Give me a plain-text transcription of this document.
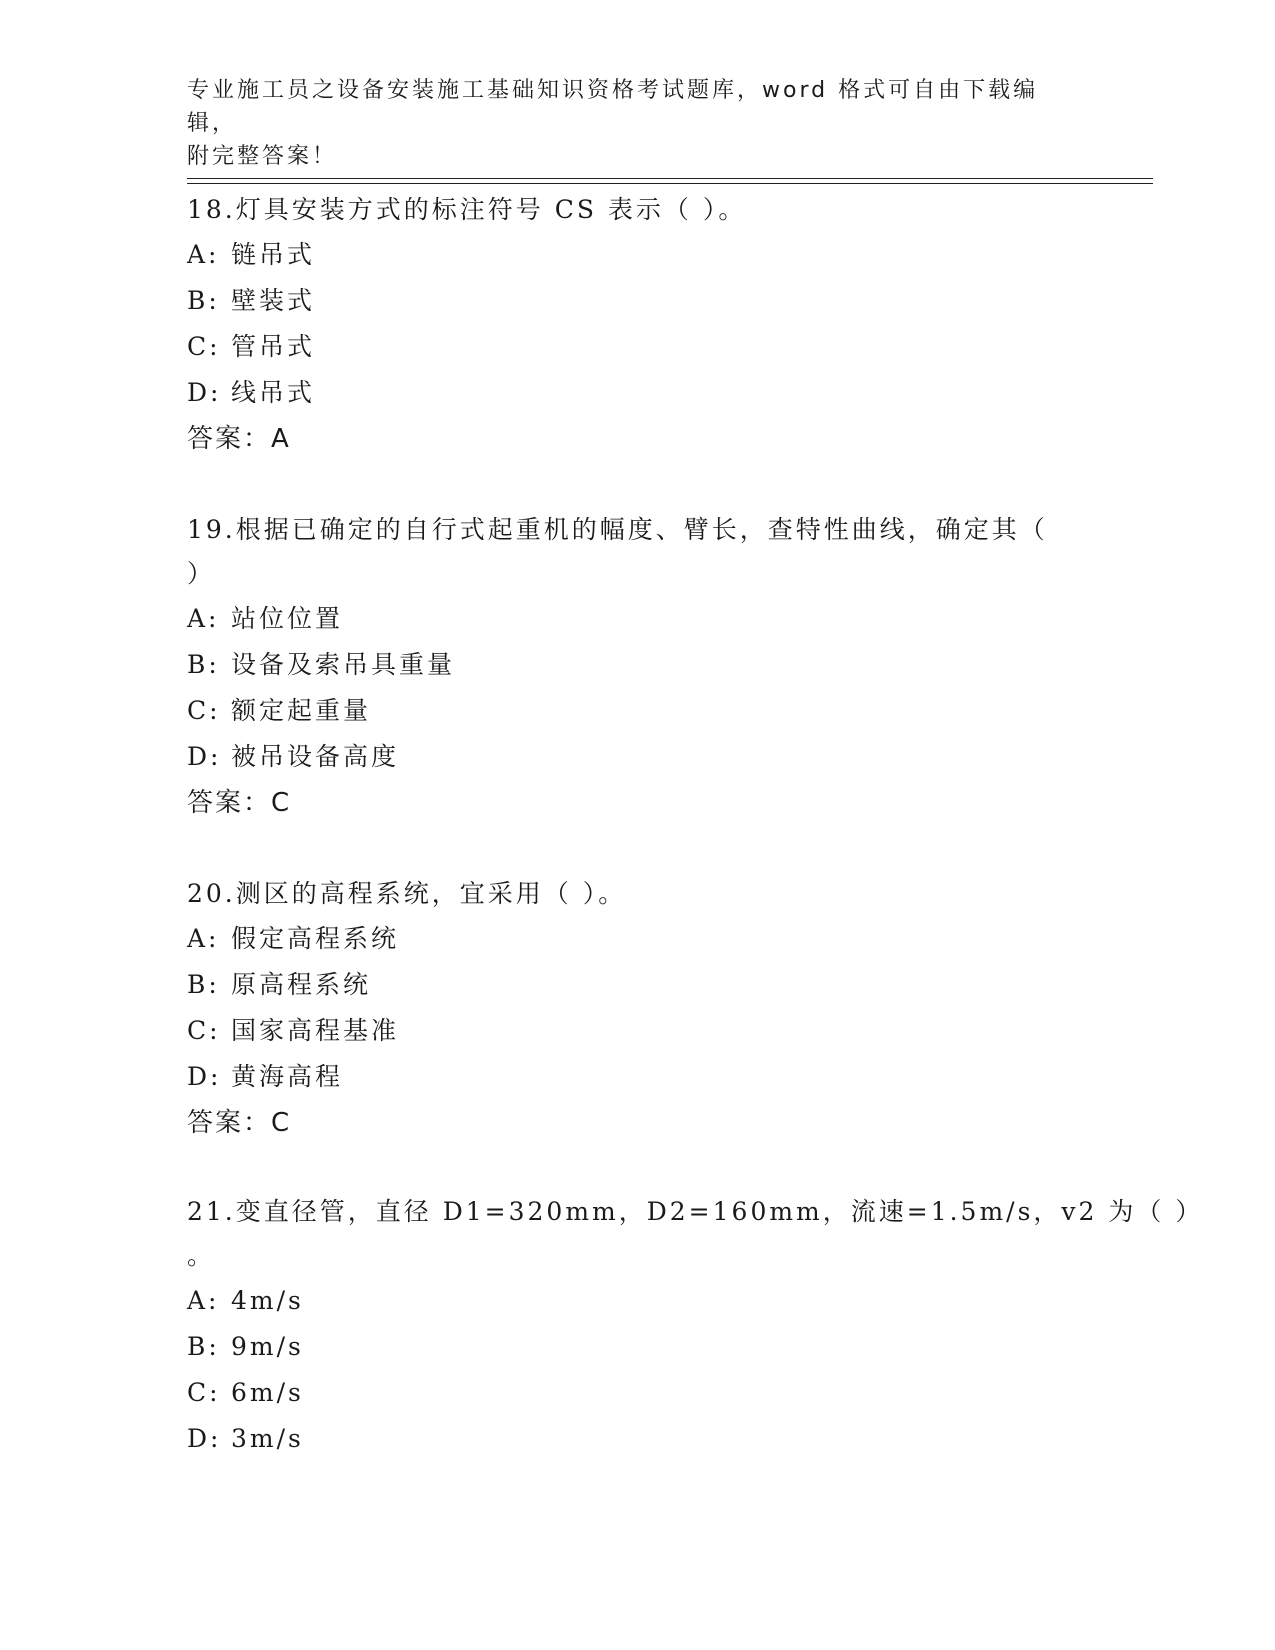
专业施工员之设备安装施工基础知识资格考试题库，word 格式可自由下载编辑，
附完整答案！
18.灯具安装方式的标注符号 CS 表示（ ）。
A: 链吊式
B: 壁装式
C: 管吊式
D: 线吊式
答案：A
19.根据已确定的自行式起重机的幅度、臂长，查特性曲线，确定其（
）
A: 站位位置
B: 设备及索吊具重量
C: 额定起重量
D: 被吊设备高度
答案：C
20.测区的高程系统，宜采用（ ）。
A: 假定高程系统
B: 原高程系统
C: 国家高程基准
D: 黄海高程
答案：C
21.变直径管，直径 D1=320mm，D2=160mm，流速=1.5m/s，v2 为（ ）
。
A: 4m/s
B: 9m/s
C: 6m/s
D: 3m/s
